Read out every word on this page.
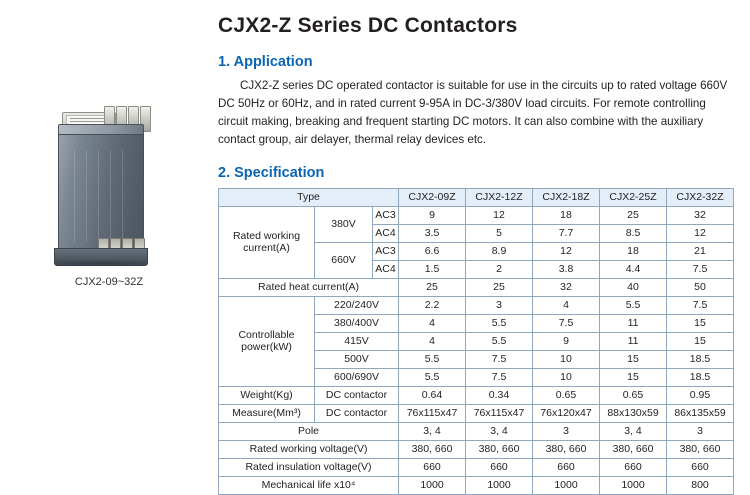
CJX2-09~32Z
CJX2-Z Series DC Contactors
1. Application

CJX2-Z series DC operated contactor is suitable for use in the circuits up to rated voltage 660V DC 50Hz or 60Hz, and in rated current 9-95A in DC-3/380V load circuits. For remote controlling circuit making, breaking and frequent starting DC motors. It can also combine with the auxiliary contact group, air delayer, thermal relay devices etc.

2. Specification
Type			CJX2-09Z	CJX2-12Z	CJX2-18Z	CJX2-25Z	CJX2-32Z
Rated working current(A)	380V	AC3	9	12	18	25	32
		AC4	3.5	5	7.7	8.5	12
	660V	AC3	6.6	8.9	12	18	21
		AC4	1.5	2	3.8	4.4	7.5
Rated heat current(A)			25	25	32	40	50
Controllable power(kW)	220/240V		2.2	3	4	5.5	7.5
	380/400V		4	5.5	7.5	11	15
	415V		4	5.5	9	11	15
	500V		5.5	7.5	10	15	18.5
	600/690V		5.5	7.5	10	15	18.5
Weight(Kg)	DC contactor		0.64	0.34	0.65	0.65	0.95
Measure(Mm³)	DC contactor		76x115x47	76x115x47	76x120x47	88x130x59	86x135x59
Pole			3, 4	3, 4	3	3, 4	3
Rated working voltage(V)			380, 660	380, 660	380, 660	380, 660	380, 660
Rated insulation voltage(V)			660	660	660	660	660
Mechanical life x10⁴			1000	1000	1000	1000	800
